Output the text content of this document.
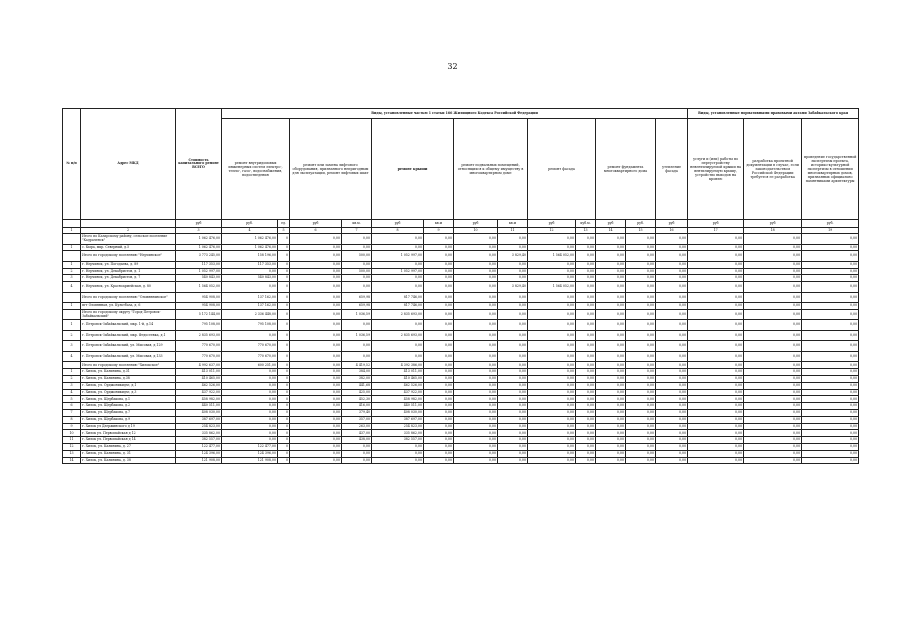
32
№ п/п	Адрес МКД	Стоимость капитального ремонт ВСЕГО	Виды, установленные частью 1 статьи 166 Жилищного Кодекса Российской Федерации													Виды, установленные нормативными правовыми актами Забайкальского края			
			ремонт внутридомовых инженерных систем электро-, тепло-, газо-, водоснабжения, водоотведения		ремонт или замена лифтового оборудования, признанного непригодным для эксплуатации, ремонт лифтовых шахт		ремонт крыши		ремонт подвальных помещений, относящихся к общему имуществу в многоквартирном доме		ремонт фасада		ремонт фундамента многоквартирного дома		утепление фасада	услуги и (или) работы по переустройству невентилируемой крыши на вентилируемую крышу, устройство выходов на кровлю	разработка проектной документации в случае, если законодательством Российской Федерации требуется ее разработка	проведение государственной экспертизы проекта, историко-культурной экспертизы в отношении многоквартирных домов, признанных официально памятниками архитектуры	
		руб	руб.	ед.	руб	кв.м.	руб	кв.м	руб	кв.м	руб	куб.м.	руб	руб.	руб	руб	руб	руб.	
1	2	3	4	5	6	7	8	9	10	11	12	13	14	15	16	17	18	19	
	Итого по Каларскому району, сельское поселение "Кадраченск"	1 062 476,00	1 062 476,00	0	0,00	0,00	0,00	0,00	0,00	0,00	0,00	0,00	0,00	0,00	0,00	0,00	0,00	0,00	
1	с. Кыра, мкр. Северный, д.5	1 062 476,00	1 062 476,00	0	0,00	0,00	0,00	0,00	0,00	0,00	0,00	0,00	0,00	0,00	0,00	0,00	0,00	0,00	
	Итого по городскому поселению "Нерчинское"	3 773 245,00	158 196,00	0	0,00	500,00	1 052 997,00	0,00	0,00	3 829,40	1 564 052,00	0,00	0,00	0,00	0,00	0,00	0,00	0,00	
1	г. Нерчинск, ул. Погодаева, д. 89	117 353,00	117 353,00	0	0,00	0,00	0,00	0,00	0,00	0,00	0,00	0,00	0,00	0,00	0,00	0,00	0,00	0,00	
2	г. Нерчинск, ул. Декабристов, д. 1	1 052 997,00	0,00	0	0,00	500,00	1 052 997,00	0,00	0,00	0,00	0,00	0,00	0,00	0,00	0,00	0,00	0,00	0,00	
3	г. Нерчинск, ул. Декабристов, д. 7	540 843,00	540 843,00	0	0,00	0,00	0,00	0,00	0,00	0,00	0,00	0,00	0,00	0,00	0,00	0,00	0,00	0,00	
4	г. Нерчинск, ул. Красноармейская, д. 80	1 564 052,00	0,00	0	0,00	0,00	0,00	0,00	0,00	3 829,40	1 564 052,00	0,00	0,00	0,00	0,00	0,00	0,00	0,00	
	Итого по городскому поселению "Оловяннинское"	954 908,00	137 162,00	0	0,00	659,98	817 746,00	0,00	0,00	0,00	0,00	0,00	0,00	0,00	0,00	0,00	0,00	0,00	
1	пгт Оловянная, ул. Культбаза, д. 6	954 908,00	137 162,00	0	0,00	659,98	817 746,00	0,00	0,00	0,00	0,00	0,00	0,00	0,00	0,00	0,00	0,00	0,00	
	Итого по городскому округу "Город Петровск-Забайкальский"	5 172 144,00	2 336 448,00	0	0,00	1 036,59	2 835 693,00	0,00	0,00	0,00	0,00	0,00	0,00	0,00	0,00	0,00	0,00	0,00	
1	г. Петровск-Забайкальский, мкр. 1-й, д.14	795 108,00	795 108,00	0	0,00	0,00	0,00	0,00	0,00	0,00	0,00	0,00	0,00	0,00	0,00	0,00	0,00	0,00	
2	г. Петровск-Забайкальский, мкр. Федосеевка, д.1	2 835 693,00	0,00	0	0,00	1 036,59	2 835 693,00	0,00	0,00	0,00	0,00	0,00	0,00	0,00	0,00	0,00	0,00	0,00	
3	г. Петровск-Забайкальский, ул. Мысовая, д.129	770 670,00	770 670,00	0	0,00	0,00	0,00	0,00	0,00	0,00	0,00	0,00	0,00	0,00	0,00	0,00	0,00	0,00	
4	г. Петровск-Забайкальский, ул. Мысовая, д.133	770 670,00	770 670,00	0	0,00	0,00	0,00	0,00	0,00	0,00	0,00	0,00	0,00	0,00	0,00	0,00	0,00	0,00	
	Итого по городскому поселению "Хилокское"	4 992 637,00	600 251,00	0	0,00	4 419,52	4 392 386,00	0,00	0,00	0,00	0,00	0,00	0,00	0,00	0,00	0,00	0,00	0,00	
1	г. Хилок, ул. Калинина, д.31	413 011,00	0,00	0	0,00	384,00	413 011,00	0,00	0,00	0,00	0,00	0,00	0,00	0,00	0,00	0,00	0,00	0,00	
2	г. Хилок, ул. Калинина, д.38	410 465,00	0,00	0	0,00	382,00	410 465,00	0,00	0,00	0,00	0,00	0,00	0,00	0,00	0,00	0,00	0,00	0,00	
3	г. Хилок, ул. Орджоникидзе, д.1	462 526,00	0,00	0	0,00	441,68	462 526,00	0,00	0,00	0,00	0,00	0,00	0,00	0,00	0,00	0,00	0,00	0,00	
4	г. Хилок, ул. Орджоникидзе, д.3	437 922,00	0,00	0	0,00	425,00	437 922,00	0,00	0,00	0,00	0,00	0,00	0,00	0,00	0,00	0,00	0,00	0,00	
5	г. Хилок, ул. Щербакова, д.1	458 982,00	0,00	0	0,00	452,30	458 982,00	0,00	0,00	0,00	0,00	0,00	0,00	0,00	0,00	0,00	0,00	0,00	
6	г. Хилок, ул. Щербакова, д.2	440 511,00	0,00	0	0,00	416,00	440 511,00	0,00	0,00	0,00	0,00	0,00	0,00	0,00	0,00	0,00	0,00	0,00	
7	г. Хилок, ул. Щербакова, д.7	408 030,00	0,00	0	0,00	379,40	408 030,00	0,00	0,00	0,00	0,00	0,00	0,00	0,00	0,00	0,00	0,00	0,00	
8	г. Хилок, ул. Щербакова, д.9	387 697,00	0,00	0	0,00	357,00	387 697,00	0,00	0,00	0,00	0,00	0,00	0,00	0,00	0,00	0,00	0,00	0,00	
9	г. Хилок ул Дзержинского д 19	254 823,00	0,00	0	0,00	263,00	254 823,00	0,00	0,00	0,00	0,00	0,00	0,00	0,00	0,00	0,00	0,00	0,00	
10	г. Хилок ул. Первомайская д 12	335 862,00	0,00	0	0,00	437,00	335 862,00	0,00	0,00	0,00	0,00	0,00	0,00	0,00	0,00	0,00	0,00	0,00	
11	г. Хилок ул. Первомайская д 14	382 557,00	0,00	0	0,00	438,00	382 557,00	0,00	0,00	0,00	0,00	0,00	0,00	0,00	0,00	0,00	0,00	0,00	
12	г. Хилок, ул. Калинина, д. 27	122 477,00	122 477,00	0	0,00	0,00	0,00	0,00	0,00	0,00	0,00	0,00	0,00	0,00	0,00	0,00	0,00	0,00	
13	г. Хилок, ул. Калинина, д. 31	124 396,00	124 396,00	0	0,00	0,00	0,00	0,00	0,00	0,00	0,00	0,00	0,00	0,00	0,00	0,00	0,00	0,00	
14	г. Хилок, ул. Калинина, д. 38	121 908,00	121 908,00	0	0,00	0,00	0,00	0,00	0,00	0,00	0,00	0,00	0,00	0,00	0,00	0,00	0,00	0,00	
